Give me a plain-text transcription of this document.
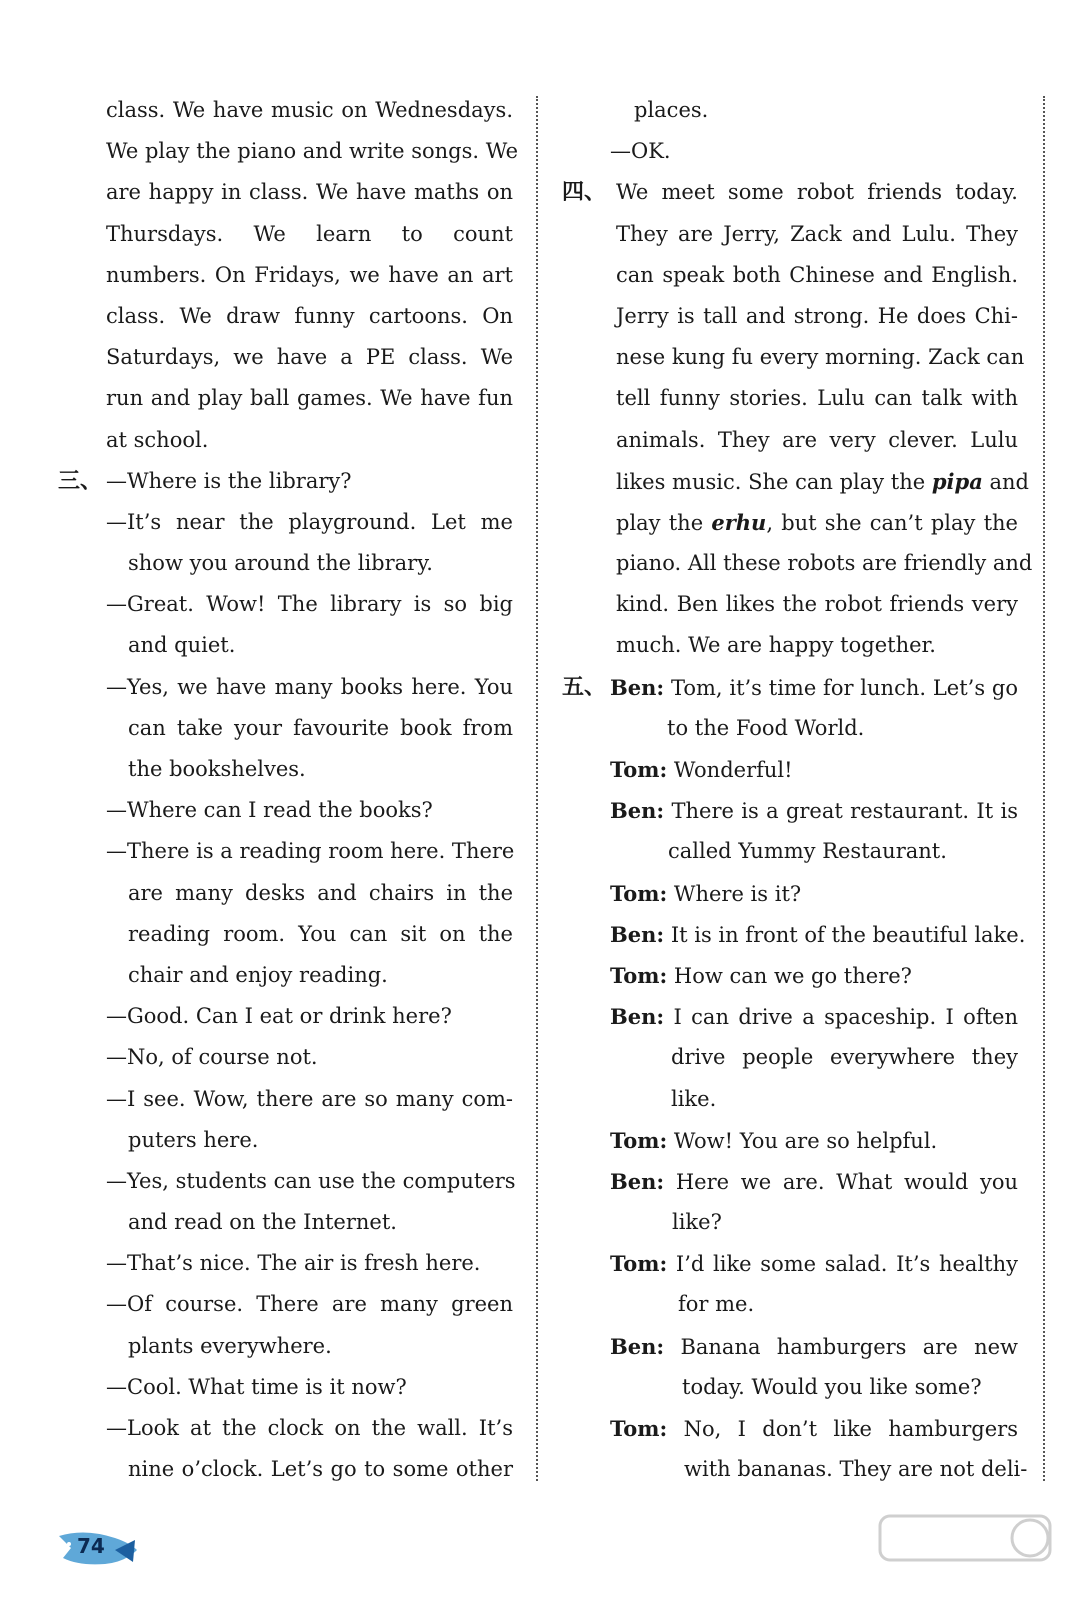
class. We have music on Wednesdays.
We play the piano and write songs. We
are happy in class. We have maths on
Thursdays. We learn to count
numbers. On Fridays, we have an art
class. We draw funny cartoons. On
Saturdays, we have a PE class. We
run and play ball games. We have fun
at school.
三、 —Where is the library?
—It’s near the playground. Let me
show you around the library.
—Great. Wow! The library is so big
and quiet.
—Yes, we have many books here. You
can take your favourite book from
the bookshelves.
—Where can I read the books?
—There is a reading room here. There
are many desks and chairs in the
reading room. You can sit on the
chair and enjoy reading.
—Good. Can I eat or drink here?
—No, of course not.
—I see. Wow, there are so many com-
puters here.
—Yes, students can use the computers
and read on the Internet.
—That’s nice. The air is fresh here.
—Of course. There are many green
plants everywhere.
—Cool. What time is it now?
—Look at the clock on the wall. It’s
nine o’clock. Let’s go to some other
places.
—OK.
四、 We meet some robot friends today.
They are Jerry, Zack and Lulu. They
can speak both Chinese and English.
Jerry is tall and strong. He does Chi-
nese kung fu every morning. Zack can
tell funny stories. Lulu can talk with
animals. They are very clever. Lulu
likes music. She can play the pipa and
play the erhu, but she can’t play the
piano. All these robots are friendly and
kind. Ben likes the robot friends very
much. We are happy together.
五、 Ben: Tom, it’s time for lunch. Let’s go
to the Food World.
Tom: Wonderful!
Ben: There is a great restaurant. It is
called Yummy Restaurant.
Tom: Where is it?
Ben: It is in front of the beautiful lake.
Tom: How can we go there?
Ben: I can drive a spaceship. I often
drive people everywhere they
like.
Tom: Wow! You are so helpful.
Ben: Here we are. What would you
like?
Tom: I’d like some salad. It’s healthy
for me.
Ben: Banana hamburgers are new
today. Would you like some?
Tom: No, I don’t like hamburgers
with bananas. They are not deli-
74
